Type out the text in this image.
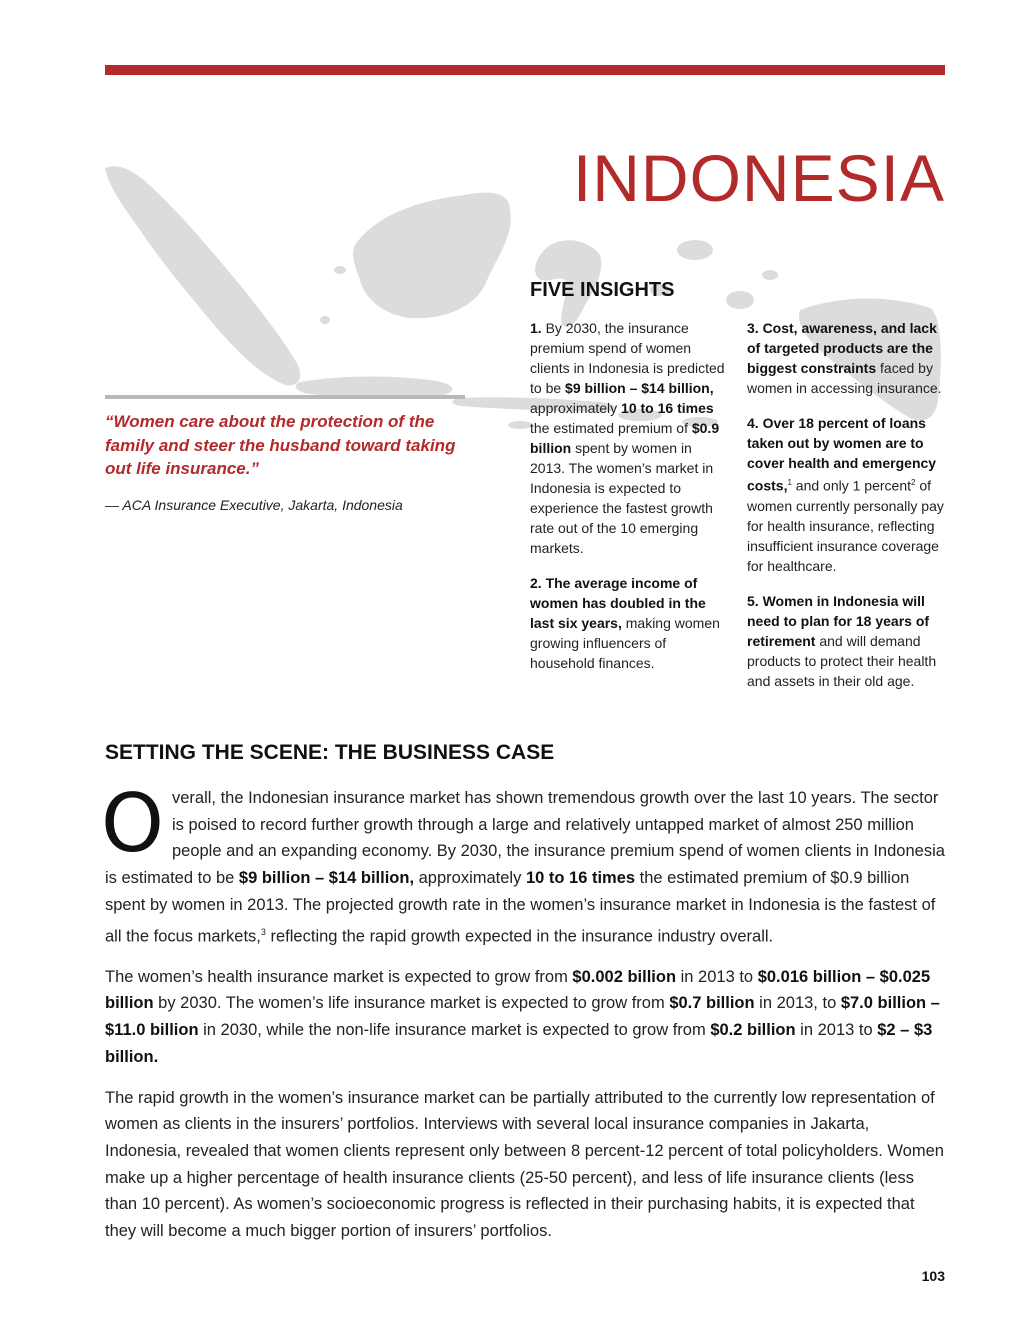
INDONESIA

“Women care about the protection of the family and steer the husband toward taking out life insurance.”

— ACA Insurance Executive, Jakarta, Indonesia

FIVE INSIGHTS

1. By 2030, the insurance premium spend of women clients in Indonesia is predicted to be $9 billion – $14 billion, approximately 10 to 16 times the estimated premium of $0.9 billion spent by women in 2013. The women’s market in Indonesia is expected to experience the fastest growth rate out of the 10 emerging markets.

2. The average income of women has doubled in the last six years, making women growing influencers of household finances.

3. Cost, awareness, and lack of targeted products are the biggest constraints faced by women in accessing insurance.

4. Over 18 percent of loans taken out by women are to cover health and emergency costs,$^1$ and only 1 percent$^2$ of women currently personally pay for health insurance, reflecting insufficient insurance coverage for healthcare.

5. Women in Indonesia will need to plan for 18 years of retirement and will demand products to protect their health and assets in their old age.

SETTING THE SCENE: THE BUSINESS CASE

Overall, the Indonesian insurance market has shown tremendous growth over the last 10 years. The sector is poised to record further growth through a large and relatively untapped market of almost 250 million people and an expanding economy. By 2030, the insurance premium spend of women clients in Indonesia is estimated to be $9 billion – $14 billion, approximately 10 to 16 times the estimated premium of $0.9 billion spent by women in 2013. The projected growth rate in the women’s insurance market in Indonesia is the fastest of all the focus markets,$^3$ reflecting the rapid growth expected in the insurance industry overall.

The women’s health insurance market is expected to grow from $0.002 billion in 2013 to $0.016 billion – $0.025 billion by 2030. The women’s life insurance market is expected to grow from $0.7 billion in 2013, to $7.0 billion – $11.0 billion in 2030, while the non-life insurance market is expected to grow from $0.2 billion in 2013 to $2 – $3 billion.

The rapid growth in the women’s insurance market can be partially attributed to the currently low representation of women as clients in the insurers’ portfolios. Interviews with several local insurance companies in Jakarta, Indonesia, revealed that women clients represent only between 8 percent-12 percent of total policyholders. Women make up a higher percentage of health insurance clients (25-50 percent), and less of life insurance clients (less than 10 percent). As women’s socioeconomic progress is reflected in their purchasing habits, it is expected that they will become a much bigger portion of insurers’ portfolios.

103
